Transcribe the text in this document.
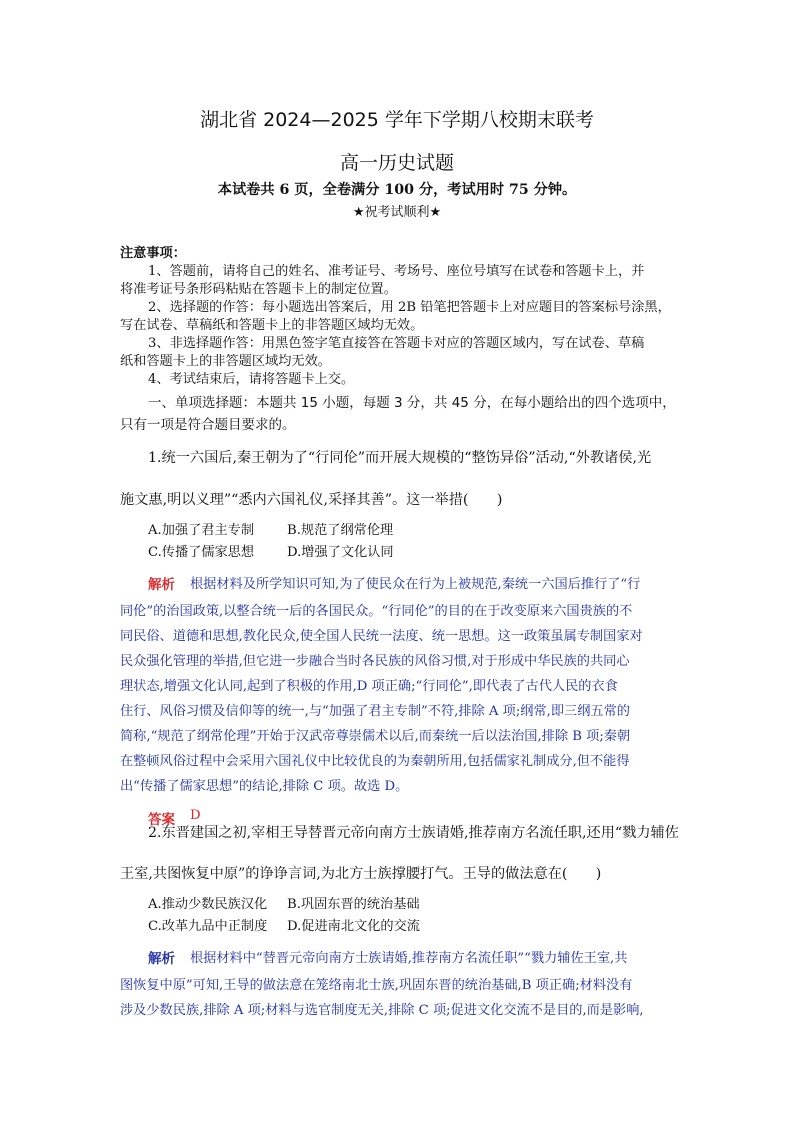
湖北省 2024—2025 学年下学期八校期末联考
高一历史试题
本试卷共 6 页，全卷满分 100 分，考试用时 75 分钟。
★祝考试顺利★
注意事项：
1、答题前，请将自己的姓名、准考证号、考场号、座位号填写在试卷和答题卡上，并
将准考证号条形码粘贴在答题卡上的制定位置。
2、选择题的作答：每小题选出答案后，用 2B 铅笔把答题卡上对应题目的答案标号涂黑，
写在试卷、草稿纸和答题卡上的非答题区域均无效。
3、非选择题作答：用黑色签字笔直接答在答题卡对应的答题区域内，写在试卷、草稿
纸和答题卡上的非答题区域均无效。
4、考试结束后，请将答题卡上交。
一、单项选择题：本题共 15 小题，每题 3 分，共 45 分，在每小题给出的四个选项中，
只有一项是符合题目要求的。
1.统一六国后,秦王朝为了“行同伦”而开展大规模的“整饬异俗”活动,“外教诸侯,光
施文惠,明以义理”“悉内六国礼仪,采择其善”。这一举措(　　)
A.加强了君主专制 B.规范了纲常伦理
C.传播了儒家思想 D.增强了文化认同
解析 根据材料及所学知识可知,为了使民众在行为上被规范,秦统一六国后推行了“行
同伦”的治国政策,以整合统一后的各国民众。“行同伦”的目的在于改变原来六国贵族的不
同民俗、道德和思想,教化民众,使全国人民统一法度、统一思想。这一政策虽属专制国家对
民众强化管理的举措,但它进一步融合当时各民族的风俗习惯,对于形成中华民族的共同心
理状态,增强文化认同,起到了积极的作用,D 项正确;“行同伦”,即代表了古代人民的衣食
住行、风俗习惯及信仰等的统一,与“加强了君主专制”不符,排除 A 项;纲常,即三纲五常的
简称,“规范了纲常伦理”开始于汉武帝尊崇儒术以后,而秦统一后以法治国,排除 B 项;秦朝
在整顿风俗过程中会采用六国礼仪中比较优良的为秦朝所用,包括儒家礼制成分,但不能得
出“传播了儒家思想”的结论,排除 C 项。故选 D。
答案 D
2.东晋建国之初,宰相王导替晋元帝向南方士族请婚,推荐南方名流任职,还用“戮力辅佐
王室,共图恢复中原”的诤诤言词,为北方士族撑腰打气。王导的做法意在(　　)
A.推动少数民族汉化 B.巩固东晋的统治基础
C.改革九品中正制度 D.促进南北文化的交流
解析 根据材料中“替晋元帝向南方士族请婚,推荐南方名流任职”“戮力辅佐王室,共
图恢复中原”可知,王导的做法意在笼络南北士族,巩固东晋的统治基础,B 项正确;材料没有
涉及少数民族,排除 A 项;材料与选官制度无关,排除 C 项;促进文化交流不是目的,而是影响,
